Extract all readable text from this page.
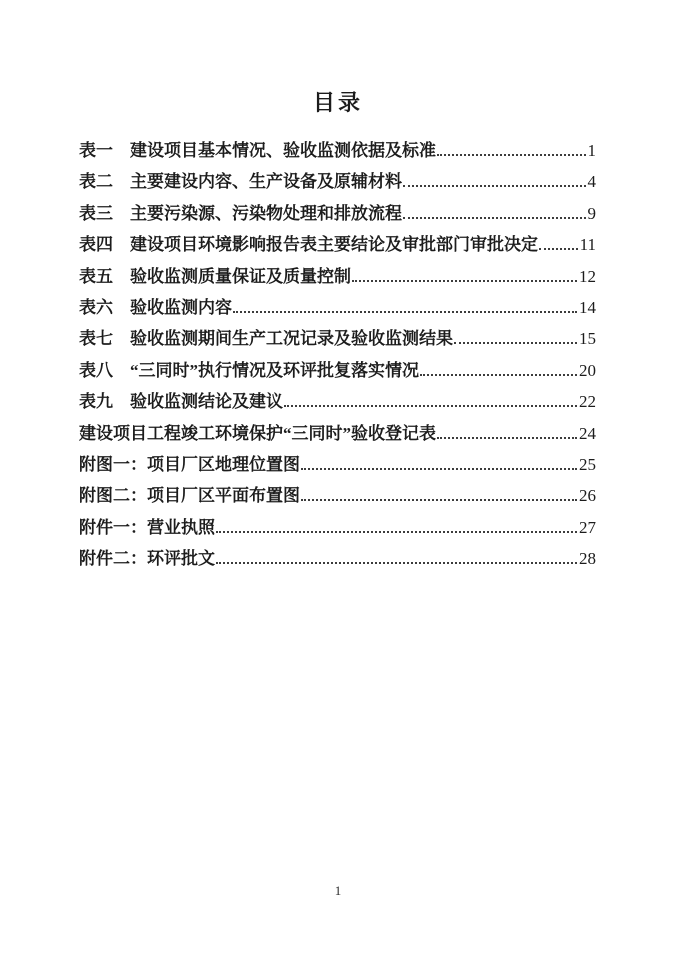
目录
表一　建设项目基本情况、验收监测依据及标准	1
表二　主要建设内容、生产设备及原辅材料	4
表三　主要污染源、污染物处理和排放流程	9
表四　建设项目环境影响报告表主要结论及审批部门审批决定 11
表五　验收监测质量保证及质量控制	12
表六　验收监测内容	14
表七　验收监测期间生产工况记录及验收监测结果	15
表八　“三同时”执行情况及环评批复落实情况	20
表九　验收监测结论及建议	22
建设项目工程竣工环境保护“三同时”验收登记表	24
附图一：项目厂区地理位置图	25
附图二：项目厂区平面布置图	26
附件一：营业执照	27
附件二：环评批文	28
1
